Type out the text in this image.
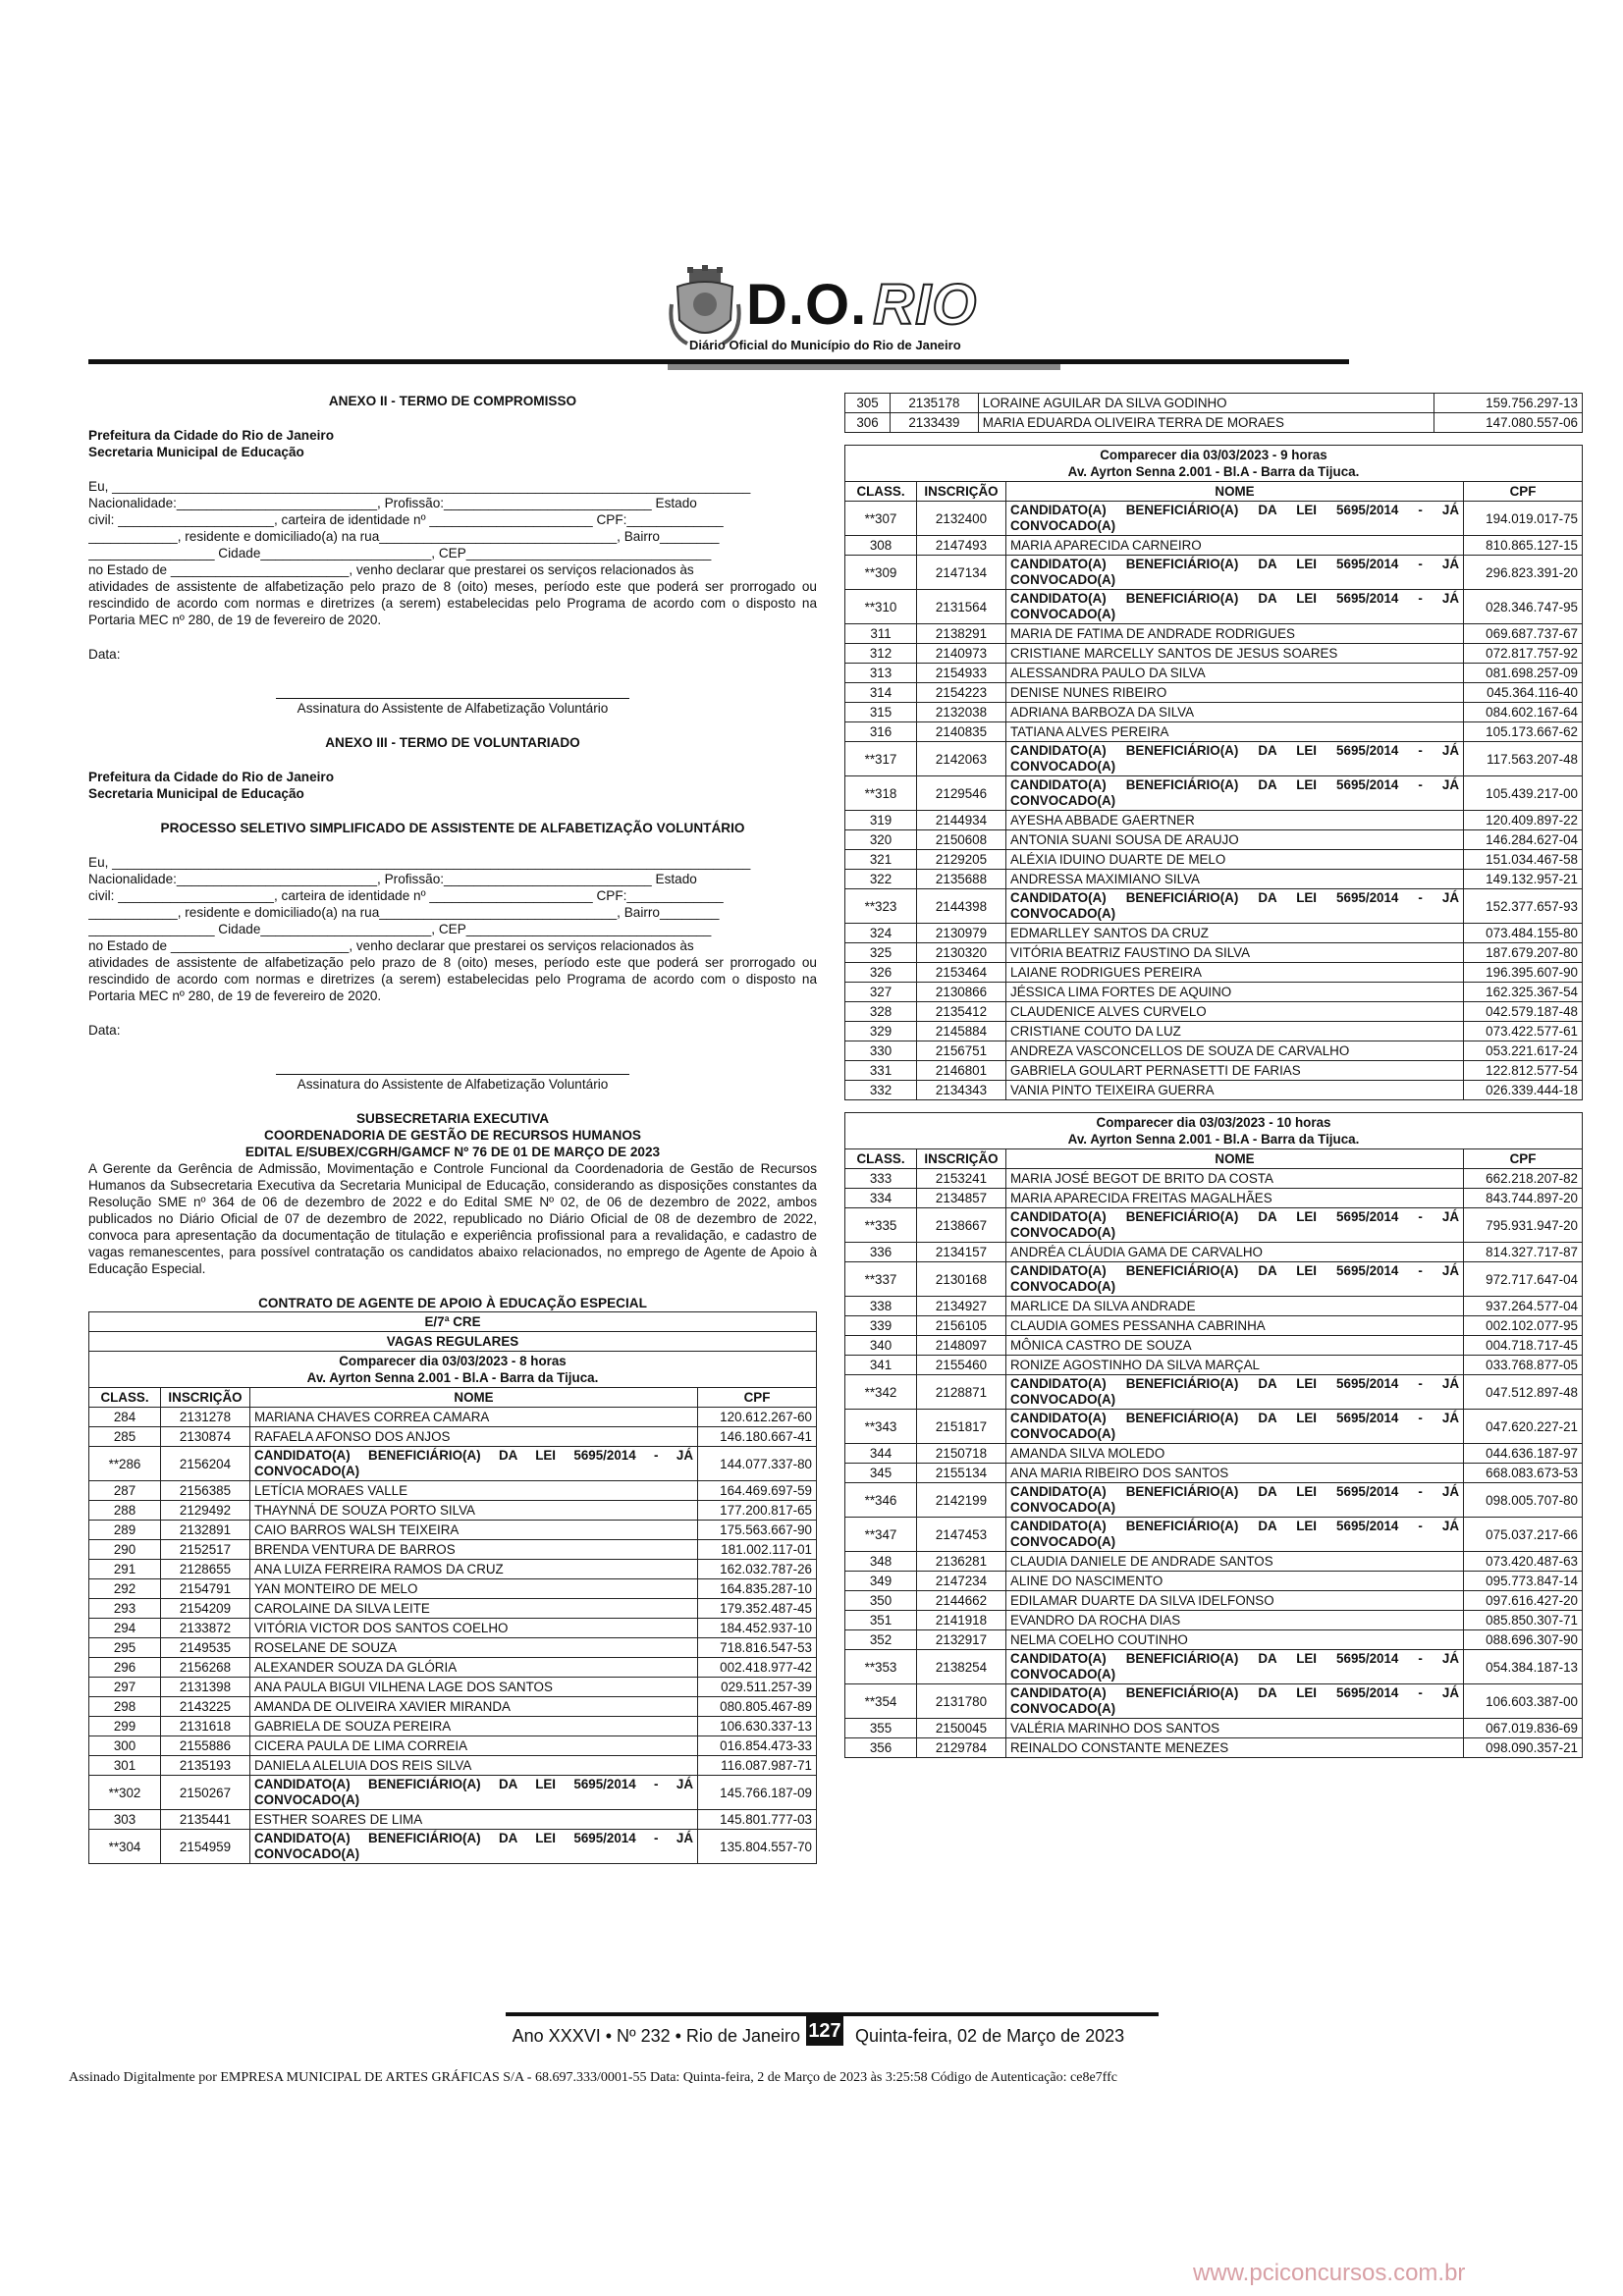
D.O. RIO
Diário Oficial do Município do Rio de Janeiro

ANEXO II - TERMO DE COMPROMISSO

Prefeitura da Cidade do Rio de Janeiro

Secretaria Municipal de Educação

Eu, ______________________________________________________________________________________

Nacionalidade:___________________________, Profissão:____________________________ Estado

civil: _____________________, carteira de identidade nº ______________________ CPF:_____________

____________, residente e domiciliado(a) na rua________________________________, Bairro________

_________________ Cidade_______________________, CEP_________________________________

no Estado de ________________________, venho declarar que prestarei os serviços relacionados às

atividades de assistente de alfabetização pelo prazo de 8 (oito) meses, período este que poderá ser prorrogado ou rescindido de acordo com normas e diretrizes (a serem) estabelecidas pelo Programa de acordo com o disposto na Portaria MEC nº 280, de 19 de fevereiro de 2020.

Data:

Assinatura do Assistente de Alfabetização Voluntário

ANEXO III - TERMO DE VOLUNTARIADO

Prefeitura da Cidade do Rio de Janeiro

Secretaria Municipal de Educação

PROCESSO SELETIVO SIMPLIFICADO DE ASSISTENTE DE ALFABETIZAÇÃO VOLUNTÁRIO

Eu, ______________________________________________________________________________________

Nacionalidade:___________________________, Profissão:____________________________ Estado

civil: _____________________, carteira de identidade nº ______________________ CPF:_____________

____________, residente e domiciliado(a) na rua________________________________, Bairro________

_________________ Cidade_______________________, CEP_________________________________

no Estado de ________________________, venho declarar que prestarei os serviços relacionados às

atividades de assistente de alfabetização pelo prazo de 8 (oito) meses, período este que poderá ser prorrogado ou rescindido de acordo com normas e diretrizes (a serem) estabelecidas pelo Programa de acordo com o disposto na Portaria MEC nº 280, de 19 de fevereiro de 2020.

Data:

Assinatura do Assistente de Alfabetização Voluntário

SUBSECRETARIA EXECUTIVA

COORDENADORIA DE GESTÃO DE RECURSOS HUMANOS

EDITAL E/SUBEX/CGRH/GAMCF Nº 76 DE 01 DE MARÇO DE 2023

A Gerente da Gerência de Admissão, Movimentação e Controle Funcional da Coordenadoria de Gestão de Recursos Humanos da Subsecretaria Executiva da Secretaria Municipal de Educação, considerando as disposições constantes da Resolução SME nº 364 de 06 de dezembro de 2022 e do Edital SME Nº 02, de 06 de dezembro de 2022, ambos publicados no Diário Oficial de 07 de dezembro de 2022, republicado no Diário Oficial de 08 de dezembro de 2022, convoca para apresentação da documentação de titulação e experiência profissional para a revalidação, e cadastro de vagas remanescentes, para possível contratação os candidatos abaixo relacionados, no emprego de Agente de Apoio à Educação Especial.

CONTRATO DE AGENTE DE APOIO À EDUCAÇÃO ESPECIAL

E/7ª CRE			
VAGAS REGULARES			
Comparecer dia 03/03/2023 - 8 horas
Av. Ayrton Senna 2.001 - Bl.A - Barra da Tijuca.			
CLASS.	INSCRIÇÃO	NOME	CPF
284	2131278	MARIANA CHAVES CORREA CAMARA	120.612.267-60
285	2130874	RAFAELA AFONSO DOS ANJOS	146.180.667-41
**286	2156204	CANDIDATO(A) BENEFICIÁRIO(A) DA LEI 5695/2014 - JÁ CONVOCADO(A)	144.077.337-80
287	2156385	LETÍCIA MORAES VALLE	164.469.697-59
288	2129492	THAYNNÁ DE SOUZA PORTO SILVA	177.200.817-65
289	2132891	CAIO BARROS WALSH TEIXEIRA	175.563.667-90
290	2152517	BRENDA VENTURA DE BARROS	181.002.117-01
291	2128655	ANA LUIZA FERREIRA RAMOS DA CRUZ	162.032.787-26
292	2154791	YAN MONTEIRO DE MELO	164.835.287-10
293	2154209	CAROLAINE DA SILVA LEITE	179.352.487-45
294	2133872	VITÓRIA VICTOR DOS SANTOS COELHO	184.452.937-10
295	2149535	ROSELANE DE SOUZA	718.816.547-53
296	2156268	ALEXANDER SOUZA DA GLÓRIA	002.418.977-42
297	2131398	ANA PAULA BIGUI VILHENA LAGE DOS SANTOS	029.511.257-39
298	2143225	AMANDA DE OLIVEIRA XAVIER MIRANDA	080.805.467-89
299	2131618	GABRIELA DE SOUZA PEREIRA	106.630.337-13
300	2155886	CICERA PAULA DE LIMA CORREIA	016.854.473-33
301	2135193	DANIELA ALELUIA DOS REIS SILVA	116.087.987-71
**302	2150267	CANDIDATO(A) BENEFICIÁRIO(A) DA LEI 5695/2014 - JÁ CONVOCADO(A)	145.766.187-09
303	2135441	ESTHER SOARES DE LIMA	145.801.777-03
**304	2154959	CANDIDATO(A) BENEFICIÁRIO(A) DA LEI 5695/2014 - JÁ CONVOCADO(A)	135.804.557-70
305	2135178	LORAINE AGUILAR DA SILVA GODINHO	159.756.297-13
306	2133439	MARIA EDUARDA OLIVEIRA TERRA DE MORAES	147.080.557-06
Comparecer dia 03/03/2023 - 9 horas
Av. Ayrton Senna 2.001 - Bl.A - Barra da Tijuca.			
CLASS.	INSCRIÇÃO	NOME	CPF
**307	2132400	CANDIDATO(A) BENEFICIÁRIO(A) DA LEI 5695/2014 - JÁ CONVOCADO(A)	194.019.017-75
308	2147493	MARIA APARECIDA CARNEIRO	810.865.127-15
**309	2147134	CANDIDATO(A) BENEFICIÁRIO(A) DA LEI 5695/2014 - JÁ CONVOCADO(A)	296.823.391-20
**310	2131564	CANDIDATO(A) BENEFICIÁRIO(A) DA LEI 5695/2014 - JÁ CONVOCADO(A)	028.346.747-95
311	2138291	MARIA DE FATIMA DE ANDRADE RODRIGUES	069.687.737-67
312	2140973	CRISTIANE MARCELLY SANTOS DE JESUS SOARES	072.817.757-92
313	2154933	ALESSANDRA PAULO DA SILVA	081.698.257-09
314	2154223	DENISE NUNES RIBEIRO	045.364.116-40
315	2132038	ADRIANA BARBOZA DA SILVA	084.602.167-64
316	2140835	TATIANA ALVES PEREIRA	105.173.667-62
**317	2142063	CANDIDATO(A) BENEFICIÁRIO(A) DA LEI 5695/2014 - JÁ CONVOCADO(A)	117.563.207-48
**318	2129546	CANDIDATO(A) BENEFICIÁRIO(A) DA LEI 5695/2014 - JÁ CONVOCADO(A)	105.439.217-00
319	2144934	AYESHA ABBADE GAERTNER	120.409.897-22
320	2150608	ANTONIA SUANI SOUSA DE ARAUJO	146.284.627-04
321	2129205	ALÉXIA IDUINO DUARTE DE MELO	151.034.467-58
322	2135688	ANDRESSA MAXIMIANO SILVA	149.132.957-21
**323	2144398	CANDIDATO(A) BENEFICIÁRIO(A) DA LEI 5695/2014 - JÁ CONVOCADO(A)	152.377.657-93
324	2130979	EDMARLLEY SANTOS DA CRUZ	073.484.155-80
325	2130320	VITÓRIA BEATRIZ FAUSTINO DA SILVA	187.679.207-80
326	2153464	LAIANE RODRIGUES PEREIRA	196.395.607-90
327	2130866	JÉSSICA LIMA FORTES DE AQUINO	162.325.367-54
328	2135412	CLAUDENICE ALVES CURVELO	042.579.187-48
329	2145884	CRISTIANE COUTO DA LUZ	073.422.577-61
330	2156751	ANDREZA VASCONCELLOS DE SOUZA DE CARVALHO	053.221.617-24
331	2146801	GABRIELA GOULART PERNASETTI DE FARIAS	122.812.577-54
332	2134343	VANIA PINTO TEIXEIRA GUERRA	026.339.444-18
Comparecer dia 03/03/2023 - 10 horas
Av. Ayrton Senna 2.001 - Bl.A - Barra da Tijuca.			
CLASS.	INSCRIÇÃO	NOME	CPF
333	2153241	MARIA JOSÉ BEGOT DE BRITO DA COSTA	662.218.207-82
334	2134857	MARIA APARECIDA FREITAS MAGALHÃES	843.744.897-20
**335	2138667	CANDIDATO(A) BENEFICIÁRIO(A) DA LEI 5695/2014 - JÁ CONVOCADO(A)	795.931.947-20
336	2134157	ANDRÉA CLÁUDIA GAMA DE CARVALHO	814.327.717-87
**337	2130168	CANDIDATO(A) BENEFICIÁRIO(A) DA LEI 5695/2014 - JÁ CONVOCADO(A)	972.717.647-04
338	2134927	MARLICE DA SILVA ANDRADE	937.264.577-04
339	2156105	CLAUDIA GOMES PESSANHA CABRINHA	002.102.077-95
340	2148097	MÔNICA CASTRO DE SOUZA	004.718.717-45
341	2155460	RONIZE AGOSTINHO DA SILVA MARÇAL	033.768.877-05
**342	2128871	CANDIDATO(A) BENEFICIÁRIO(A) DA LEI 5695/2014 - JÁ CONVOCADO(A)	047.512.897-48
**343	2151817	CANDIDATO(A) BENEFICIÁRIO(A) DA LEI 5695/2014 - JÁ CONVOCADO(A)	047.620.227-21
344	2150718	AMANDA SILVA MOLEDO	044.636.187-97
345	2155134	ANA MARIA RIBEIRO DOS SANTOS	668.083.673-53
**346	2142199	CANDIDATO(A) BENEFICIÁRIO(A) DA LEI 5695/2014 - JÁ CONVOCADO(A)	098.005.707-80
**347	2147453	CANDIDATO(A) BENEFICIÁRIO(A) DA LEI 5695/2014 - JÁ CONVOCADO(A)	075.037.217-66
348	2136281	CLAUDIA DANIELE DE ANDRADE SANTOS	073.420.487-63
349	2147234	ALINE DO NASCIMENTO	095.773.847-14
350	2144662	EDILAMAR DUARTE DA SILVA IDELFONSO	097.616.427-20
351	2141918	EVANDRO DA ROCHA DIAS	085.850.307-71
352	2132917	NELMA COELHO COUTINHO	088.696.307-90
**353	2138254	CANDIDATO(A) BENEFICIÁRIO(A) DA LEI 5695/2014 - JÁ CONVOCADO(A)	054.384.187-13
**354	2131780	CANDIDATO(A) BENEFICIÁRIO(A) DA LEI 5695/2014 - JÁ CONVOCADO(A)	106.603.387-00
355	2150045	VALÉRIA MARINHO DOS SANTOS	067.019.836-69
356	2129784	REINALDO CONSTANTE MENEZES	098.090.357-21
Ano XXXVI • Nº 232 • Rio de Janeiro 127 Quinta-feira, 02 de Março de 2023
Assinado Digitalmente por EMPRESA MUNICIPAL DE ARTES GRÁFICAS S/A - 68.697.333/0001-55 Data: Quinta-feira, 2 de Março de 2023 às 3:25:58 Código de Autenticação: ce8e7ffc
www.pciconcursos.com.br
